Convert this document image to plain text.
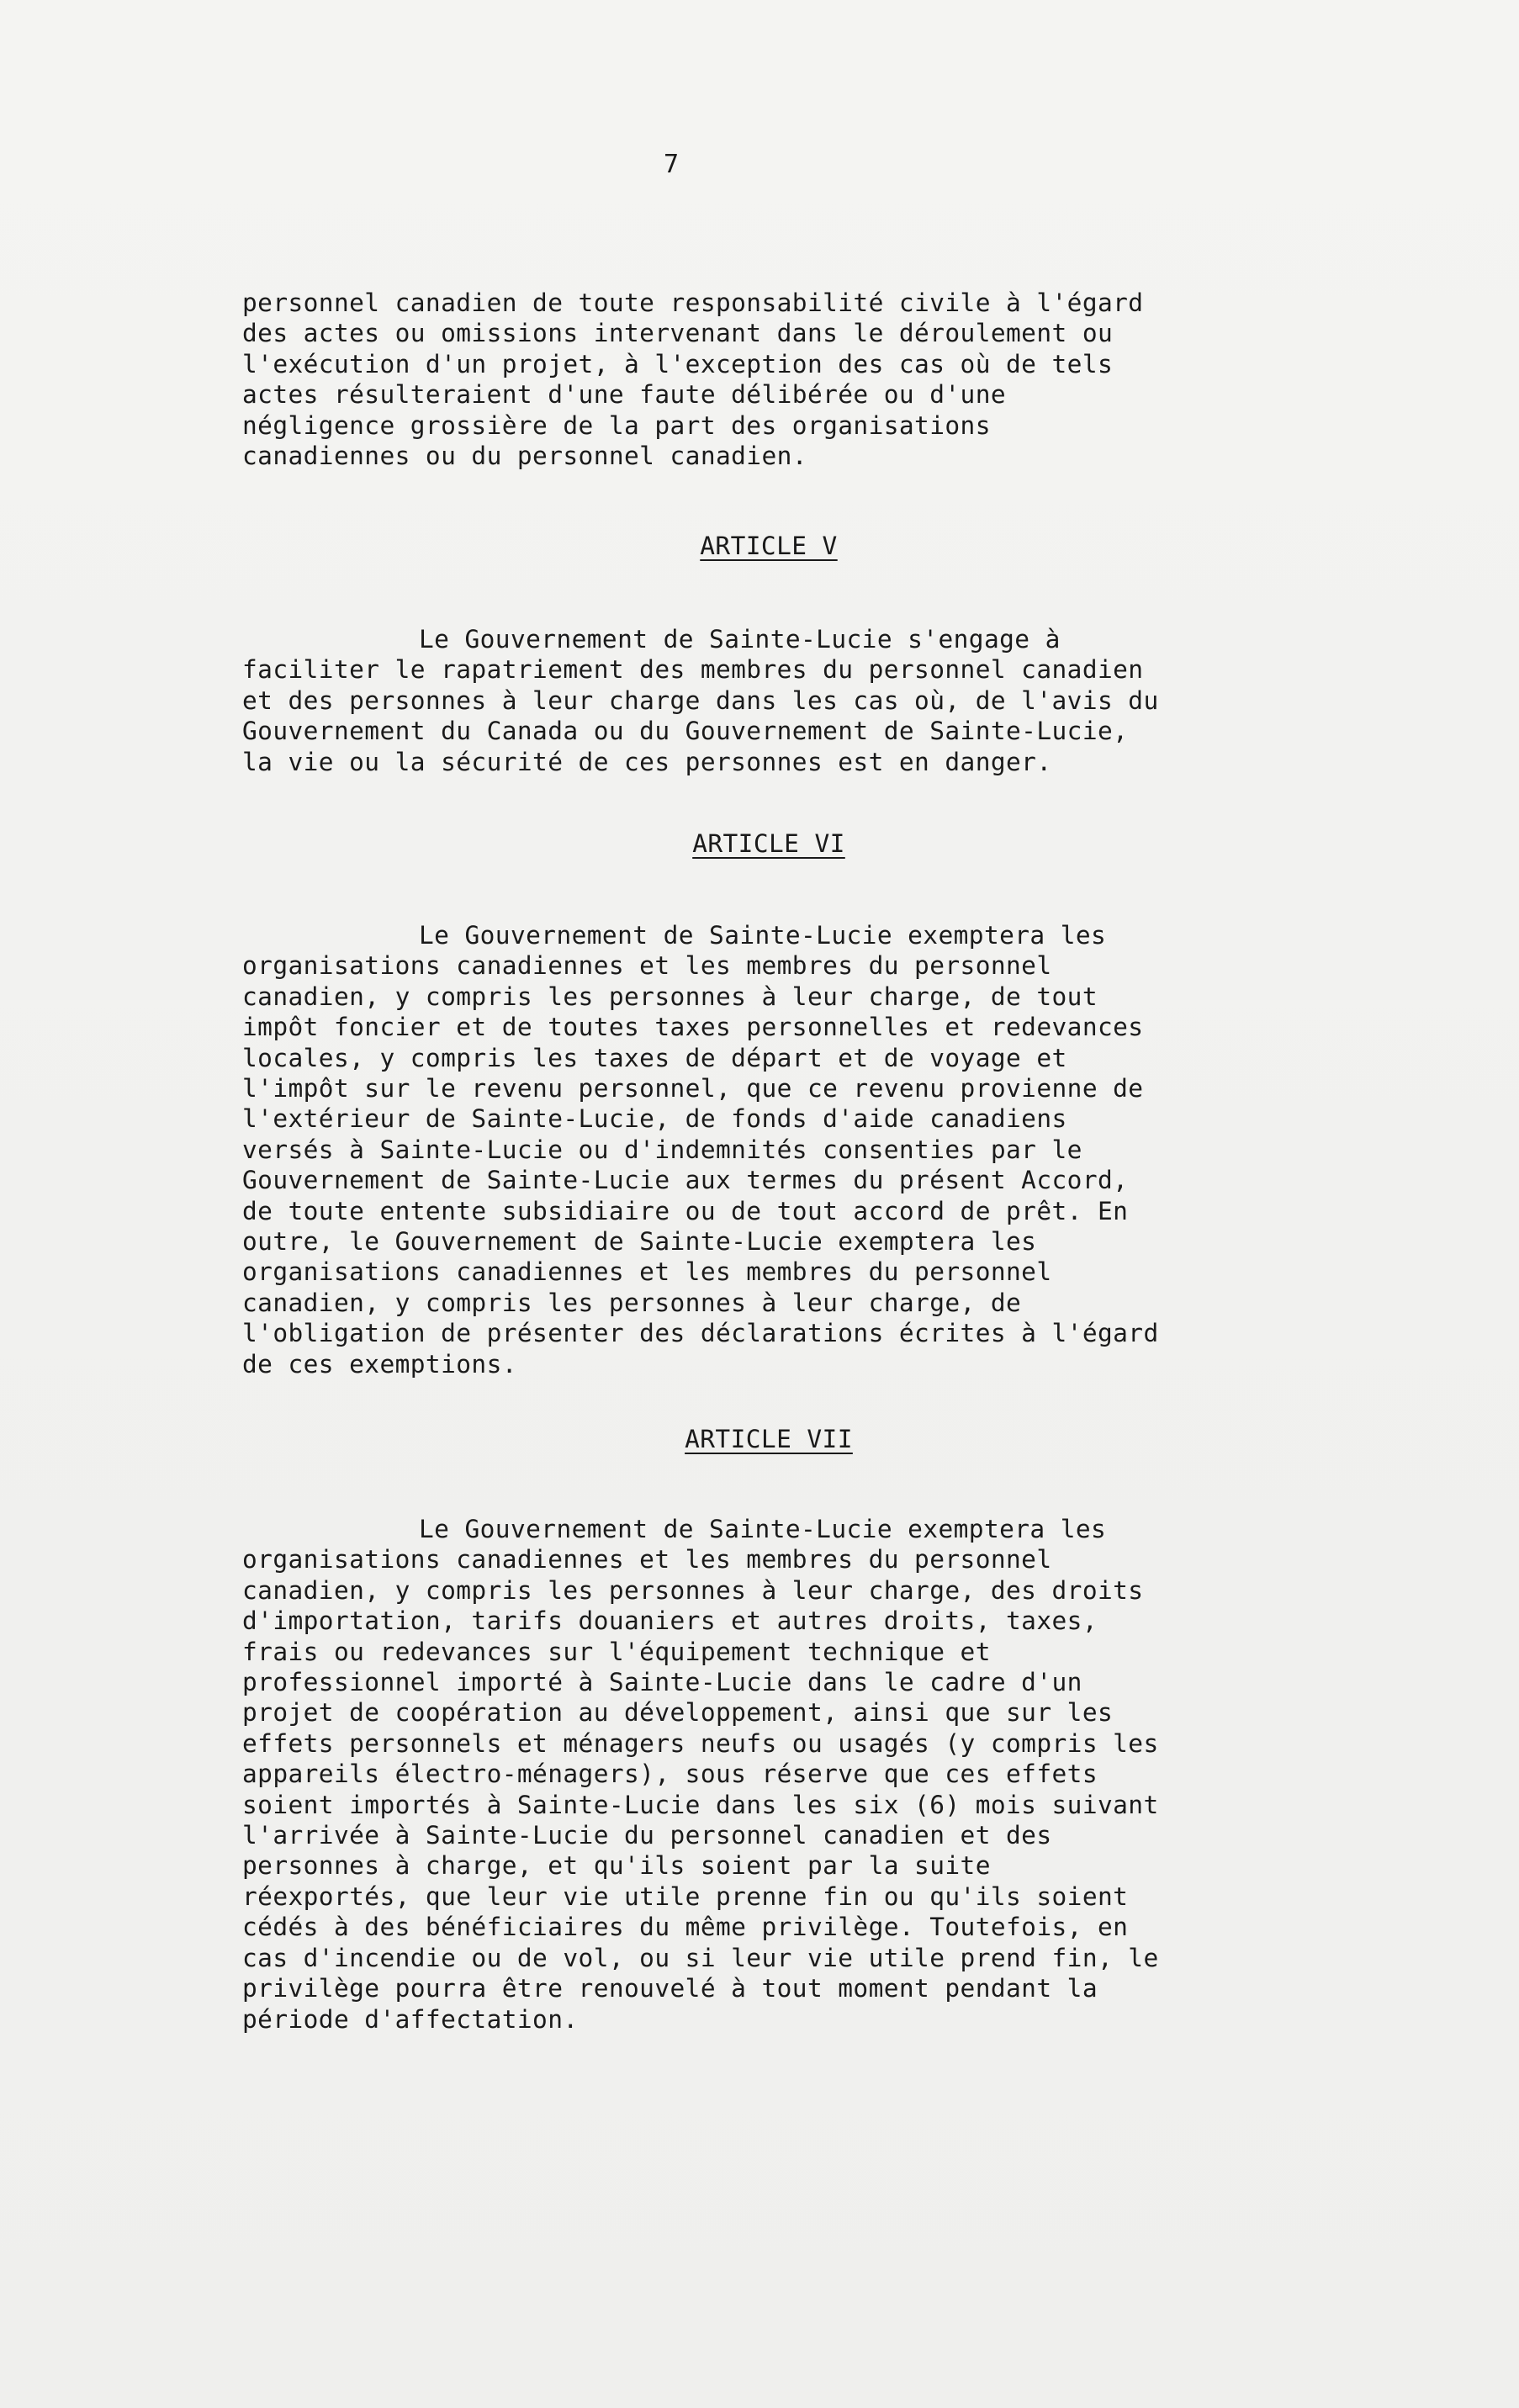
7
personnel canadien de toute responsabilité civile à l'égard
des actes ou omissions intervenant dans le déroulement ou
l'exécution d'un projet, à l'exception des cas où de tels
actes résulteraient d'une faute délibérée ou d'une
négligence grossière de la part des organisations
canadiennes ou du personnel canadien.
ARTICLE V
Le Gouvernement de Sainte-Lucie s'engage à
faciliter le rapatriement des membres du personnel canadien
et des personnes à leur charge dans les cas où, de l'avis du
Gouvernement du Canada ou du Gouvernement de Sainte-Lucie,
la vie ou la sécurité de ces personnes est en danger.
ARTICLE VI
Le Gouvernement de Sainte-Lucie exemptera les
organisations canadiennes et les membres du personnel
canadien, y compris les personnes à leur charge, de tout
impôt foncier et de toutes taxes personnelles et redevances
locales, y compris les taxes de départ et de voyage et
l'impôt sur le revenu personnel, que ce revenu provienne de
l'extérieur de Sainte-Lucie, de fonds d'aide canadiens
versés à Sainte-Lucie ou d'indemnités consenties par le
Gouvernement de Sainte-Lucie aux termes du présent Accord,
de toute entente subsidiaire ou de tout accord de prêt. En
outre, le Gouvernement de Sainte-Lucie exemptera les
organisations canadiennes et les membres du personnel
canadien, y compris les personnes à leur charge, de
l'obligation de présenter des déclarations écrites à l'égard
de ces exemptions.
ARTICLE VII
Le Gouvernement de Sainte-Lucie exemptera les
organisations canadiennes et les membres du personnel
canadien, y compris les personnes à leur charge, des droits
d'importation, tarifs douaniers et autres droits, taxes,
frais ou redevances sur l'équipement technique et
professionnel importé à Sainte-Lucie dans le cadre d'un
projet de coopération au développement, ainsi que sur les
effets personnels et ménagers neufs ou usagés (y compris les
appareils électro-ménagers), sous réserve que ces effets
soient importés à Sainte-Lucie dans les six (6) mois suivant
l'arrivée à Sainte-Lucie du personnel canadien et des
personnes à charge, et qu'ils soient par la suite
réexportés, que leur vie utile prenne fin ou qu'ils soient
cédés à des bénéficiaires du même privilège. Toutefois, en
cas d'incendie ou de vol, ou si leur vie utile prend fin, le
privilège pourra être renouvelé à tout moment pendant la
période d'affectation.
